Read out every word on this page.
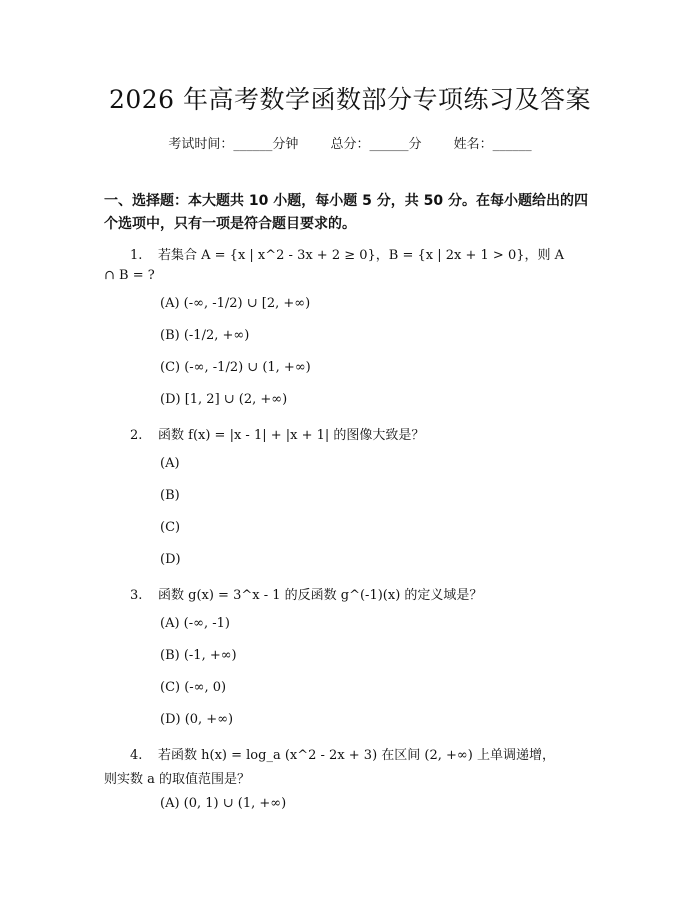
2026 年高考数学函数部分专项练习及答案
考试时间：______分钟 总分：______分 姓名：______
一、选择题：本大题共 10 小题，每小题 5 分，共 50 分。在每小题给出的四个选项中，只有一项是符合题目要求的。
1. 若集合 A = {x | x^2 - 3x + 2 ≥ 0}，B = {x | 2x + 1 > 0}，则 A
∩ B = ?
(A) (-∞, -1/2) ∪ [2, +∞)
(B) (-1/2, +∞)
(C) (-∞, -1/2) ∪ (1, +∞)
(D) [1, 2] ∪ (2, +∞)
2. 函数 f(x) = |x - 1| + |x + 1| 的图像大致是？
(A)
(B)
(C)
(D)
3. 函数 g(x) = 3^x - 1 的反函数 g^(-1)(x) 的定义域是？
(A) (-∞, -1)
(B) (-1, +∞)
(C) (-∞, 0)
(D) (0, +∞)
4. 若函数 h(x) = log_a (x^2 - 2x + 3) 在区间 (2, +∞) 上单调递增，
则实数 a 的取值范围是？
(A) (0, 1) ∪ (1, +∞)
